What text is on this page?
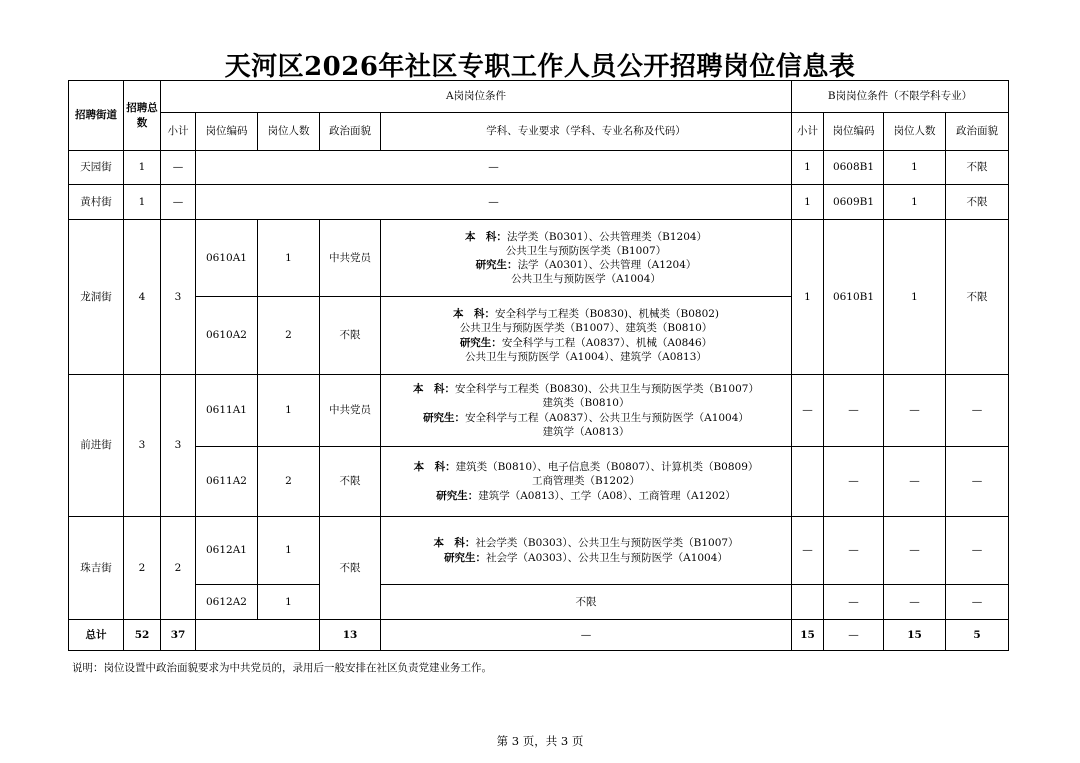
天河区2026年社区专职工作人员公开招聘岗位信息表
招聘街道	招聘总数	A岗岗位条件					B岗岗位条件（不限学科专业）			
		小计	岗位编码	岗位人数	政治面貌	学科、专业要求（学科、专业名称及代码）	小计	岗位编码	岗位人数	政治面貌
天园街	1	—	—				1	0608B1	1	不限
黄村街	1	—	—				1	0609B1	1	不限
龙洞街	4	3	0610A1	1	中共党员	本　科：法学类（B0301）、公共管理类（B1204）
公共卫生与预防医学类（B1007）
研究生：法学（A0301）、公共管理（A1204）
公共卫生与预防医学（A1004）	1	0610B1	1	不限
			0610A2	2	不限	本　科：安全科学与工程类（B0830)、机械类（B0802)
公共卫生与预防医学类（B1007）、建筑类（B0810）
研究生：安全科学与工程（A0837）、机械（A0846）
公共卫生与预防医学（A1004）、建筑学（A0813）				

前进街	3	3	0611A1	1	中共党员	本　科：安全科学与工程类（B0830)、公共卫生与预防医学类（B1007）
建筑类（B0810）
研究生：安全科学与工程（A0837）、公共卫生与预防医学（A1004）
建筑学（A0813）	—	—	—	—
			0611A2	2	不限	本　科：建筑类（B0810）、电子信息类（B0807）、计算机类（B0809）
工商管理类（B1202）
研究生：建筑学（A0813）、工学（A08）、工商管理（A1202）		—	—	—
珠吉街	2	2	0612A1	1	不限	本　科：社会学类（B0303）、公共卫生与预防医学类（B1007）
研究生：社会学（A0303）、公共卫生与预防医学（A1004）	—	—	—	—
			0612A2	1		不限		—	—	—
总计	52	37			13	—	15	—	15	5
说明：岗位设置中政治面貌要求为中共党员的，录用后一般安排在社区负责党建业务工作。
第 3 页，共 3 页
